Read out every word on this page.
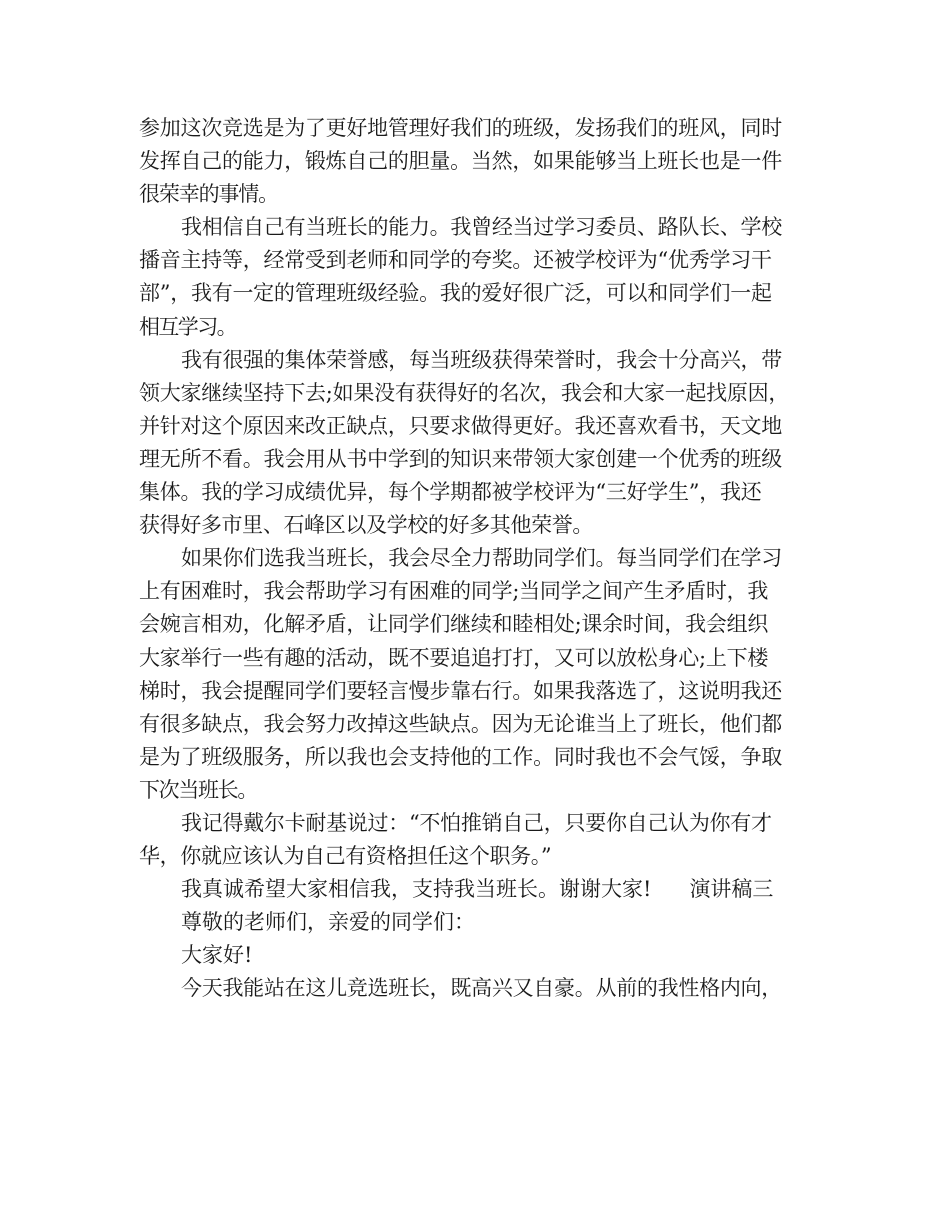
参加这次竞选是为了更好地管理好我们的班级，发扬我们的班风，同时
发挥自己的能力，锻炼自己的胆量。当然，如果能够当上班长也是一件
很荣幸的事情。
我相信自己有当班长的能力。我曾经当过学习委员、路队长、学校
播音主持等，经常受到老师和同学的夸奖。还被学校评为“优秀学习干
部”，我有一定的管理班级经验。我的爱好很广泛，可以和同学们一起
相互学习。
我有很强的集体荣誉感，每当班级获得荣誉时，我会十分高兴，带
领大家继续坚持下去;如果没有获得好的名次，我会和大家一起找原因，
并针对这个原因来改正缺点，只要求做得更好。我还喜欢看书，天文地
理无所不看。我会用从书中学到的知识来带领大家创建一个优秀的班级
集体。我的学习成绩优异，每个学期都被学校评为“三好学生”，我还
获得好多市里、石峰区以及学校的好多其他荣誉。
如果你们选我当班长，我会尽全力帮助同学们。每当同学们在学习
上有困难时，我会帮助学习有困难的同学;当同学之间产生矛盾时，我
会婉言相劝，化解矛盾，让同学们继续和睦相处;课余时间，我会组织
大家举行一些有趣的活动，既不要追追打打，又可以放松身心;上下楼
梯时，我会提醒同学们要轻言慢步靠右行。如果我落选了，这说明我还
有很多缺点，我会努力改掉这些缺点。因为无论谁当上了班长，他们都
是为了班级服务，所以我也会支持他的工作。同时我也不会气馁，争取
下次当班长。
我记得戴尔卡耐基说过：“不怕推销自己，只要你自己认为你有才
华，你就应该认为自己有资格担任这个职务。”
我真诚希望大家相信我，支持我当班长。谢谢大家! 演讲稿三
尊敬的老师们，亲爱的同学们：
大家好!
今天我能站在这儿竞选班长，既高兴又自豪。从前的我性格内向，
